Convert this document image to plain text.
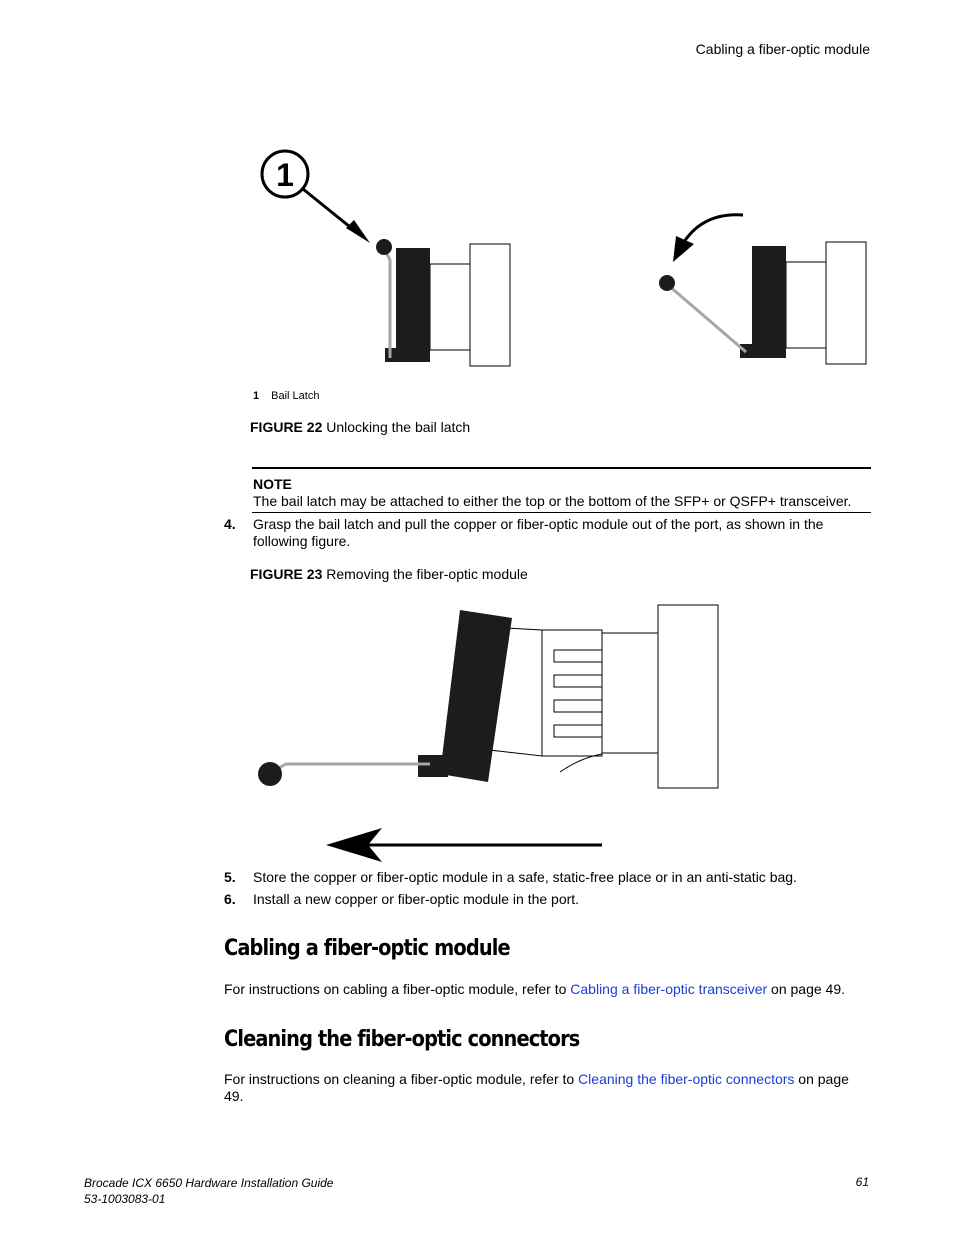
Cabling a fiber-optic module
1
1 Bail Latch
FIGURE 22 Unlocking the bail latch
NOTE
The bail latch may be attached to either the top or the bottom of the SFP+ or QSFP+ transceiver.
4. Grasp the bail latch and pull the copper or fiber-optic module out of the port, as shown in the following figure.
FIGURE 23 Removing the fiber-optic module
5. Store the copper or fiber-optic module in a safe, static-free place or in an anti-static bag.
6. Install a new copper or fiber-optic module in the port.
Cabling a fiber-optic module
For instructions on cabling a fiber-optic module, refer to Cabling a fiber-optic transceiver on page 49.
Cleaning the fiber-optic connectors
For instructions on cleaning a fiber-optic module, refer to Cleaning the fiber-optic connectors on page 49.
Brocade ICX 6650 Hardware Installation Guide
53-1003083-01
61
